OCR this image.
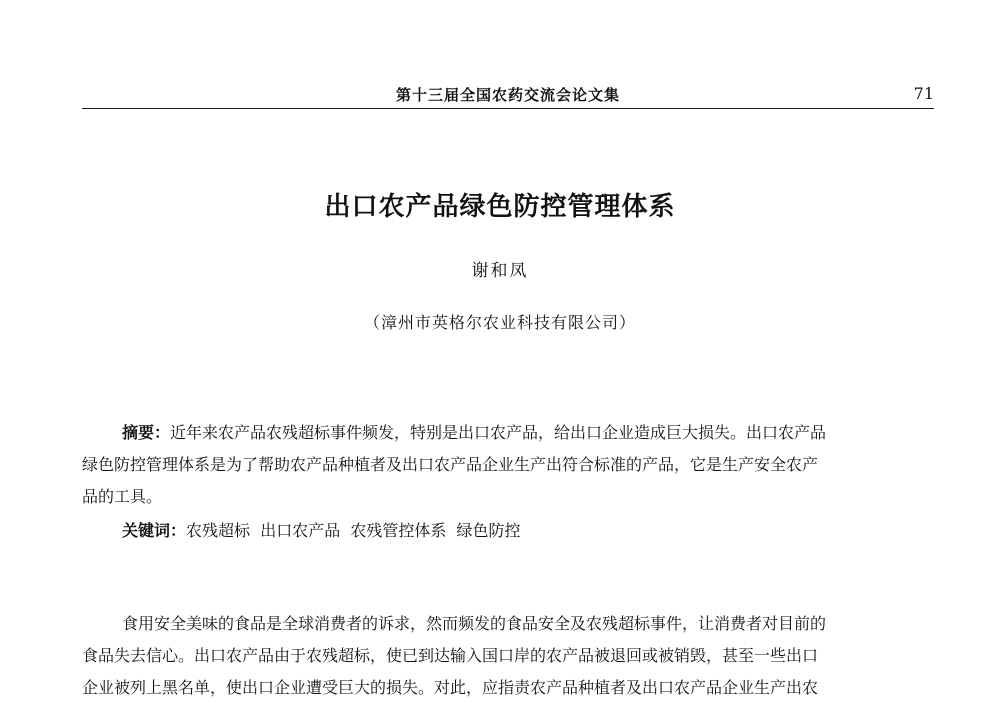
第十三届全国农药交流会论文集	71
出口农产品绿色防控管理体系
谢和凤
（漳州市英格尔农业科技有限公司）
摘要：近年来农产品农残超标事件频发，特别是出口农产品，给出口企业造成巨大损失。出口农产品
绿色防控管理体系是为了帮助农产品种植者及出口农产品企业生产出符合标准的产品，它是生产安全农产
品的工具。
关键词：农残超标  出口农产品  农残管控体系  绿色防控
食用安全美味的食品是全球消费者的诉求，然而频发的食品安全及农残超标事件，让消费者对目前的
食品失去信心。出口农产品由于农残超标，使已到达输入国口岸的农产品被退回或被销毁，甚至一些出口
企业被列上黑名单，使出口企业遭受巨大的损失。对此，应指责农产品种植者及出口农产品企业生产出农
